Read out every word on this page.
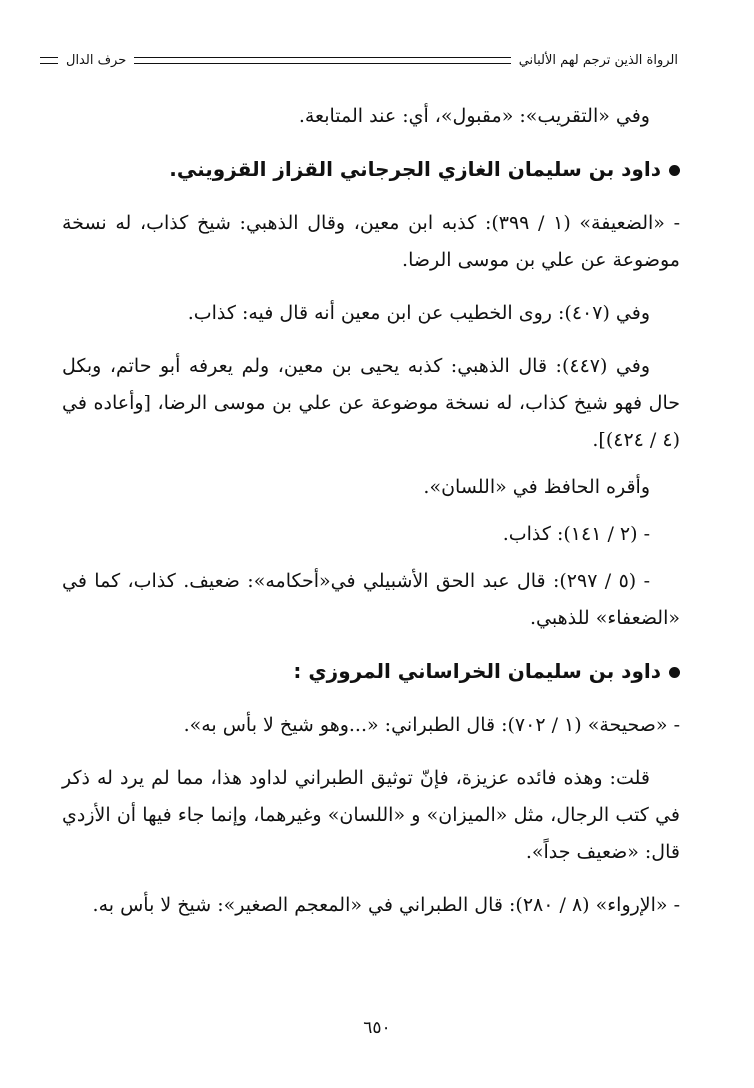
الرواة الذين ترجم لهم الألباني
حرف الدال

وفي «التقريب»: «مقبول»، أي: عند المتابعة.

داود بن سليمان الغازي الجرجاني القزاز القزويني.

- «الضعيفة» (١ / ٣٩٩): كذبه ابن معين، وقال الذهبي: شيخ كذاب، له نسخة موضوعة عن علي بن موسى الرضا.

وفي (٤٠٧): روى الخطيب عن ابن معين أنه قال فيه: كذاب.

وفي (٤٤٧): قال الذهبي: كذبه يحيى بن معين، ولم يعرفه أبو حاتم، وبكل حال فهو شيخ كذاب، له نسخة موضوعة عن علي بن موسى الرضا، [وأعاده في (٤ / ٤٢٤)].

وأقره الحافظ في «اللسان».

- (٢ / ١٤١): كذاب.

- (٥ / ٢٩٧): قال عبد الحق الأشبيلي في«أحكامه»: ضعيف. كذاب، كما في «الضعفاء» للذهبي.

داود بن سليمان الخراساني المروزي :

- «صحيحة» (١ / ٧٠٢): قال الطبراني: «...وهو شيخ لا بأس به».

قلت: وهذه فائده عزيزة، فإنّ توثيق الطبراني لداود هذا، مما لم يرد له ذكر في كتب الرجال، مثل «الميزان» و «اللسان» وغيرهما، وإنما جاء فيها أن الأزدي قال: «ضعيف جداً».

- «الإرواء» (٨ / ٢٨٠): قال الطبراني في «المعجم الصغير»: شيخ لا بأس به.

٦٥٠
